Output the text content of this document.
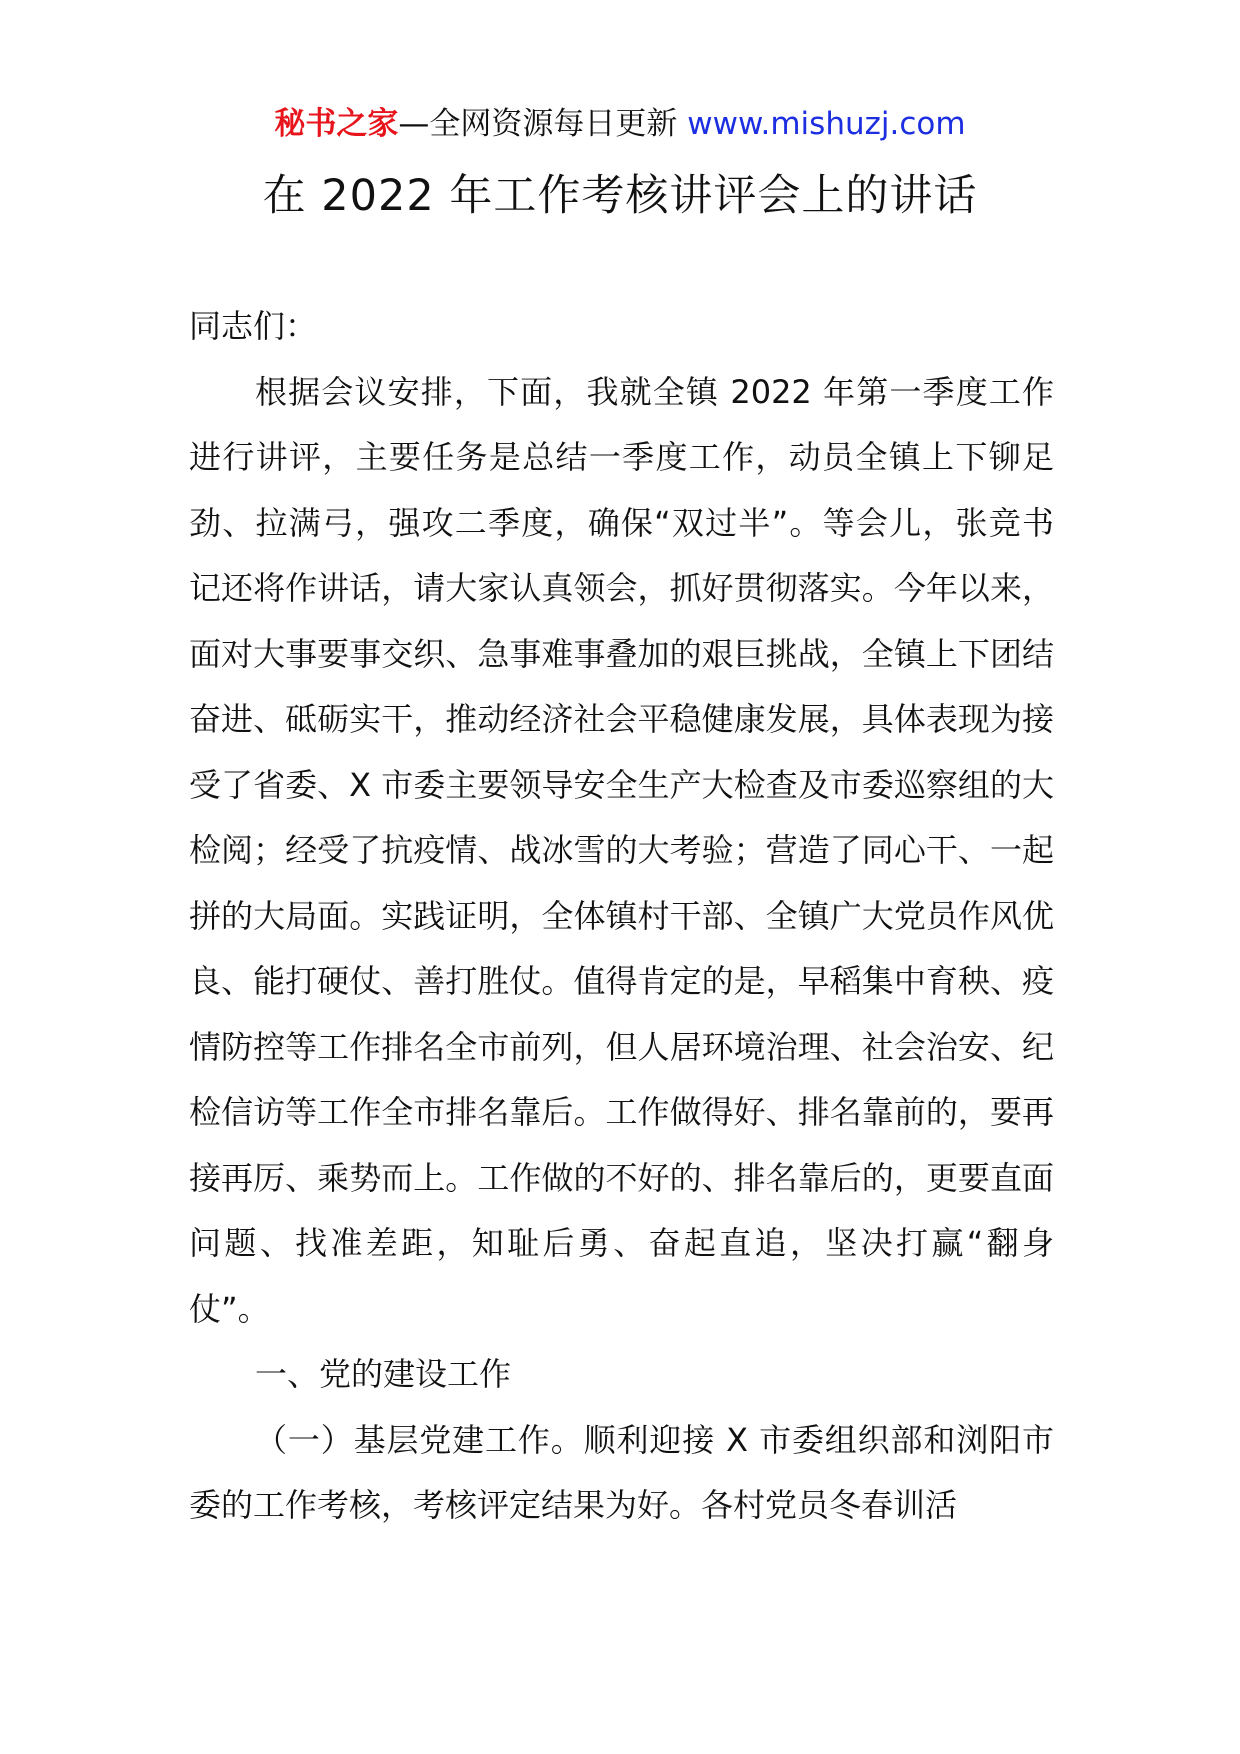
秘书之家—全网资源每日更新 www.mishuzj.com
在 2022 年工作考核讲评会上的讲话

同志们：

根据会议安排，下面，我就全镇 2022 年第一季度工作进行讲评，主要任务是总结一季度工作，动员全镇上下铆足劲、拉满弓，强攻二季度，确保“双过半”。等会儿，张竞书记还将作讲话，请大家认真领会，抓好贯彻落实。今年以来，面对大事要事交织、急事难事叠加的艰巨挑战，全镇上下团结奋进、砥砺实干，推动经济社会平稳健康发展，具体表现为接受了省委、X 市委主要领导安全生产大检查及市委巡察组的大检阅；经受了抗疫情、战冰雪的大考验；营造了同心干、一起拼的大局面。实践证明，全体镇村干部、全镇广大党员作风优良、能打硬仗、善打胜仗。值得肯定的是，早稻集中育秧、疫情防控等工作排名全市前列，但人居环境治理、社会治安、纪检信访等工作全市排名靠后。工作做得好、排名靠前的，要再接再厉、乘势而上。工作做的不好的、排名靠后的，更要直面问题、找准差距，知耻后勇、奋起直追，坚决打赢“翻身仗”。

一、党的建设工作

（一）基层党建工作。顺利迎接 X 市委组织部和浏阳市委的工作考核，考核评定结果为好。各村党员冬春训活
